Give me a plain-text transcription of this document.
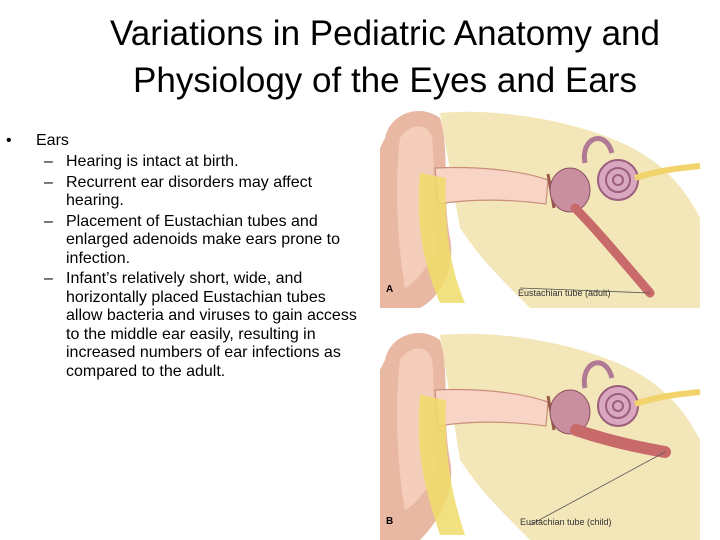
Variations in Pediatric Anatomy and
Physiology of the Eyes and Ears
•	Ears
– Hearing is intact at birth.
– Recurrent ear disorders may affect hearing.
– Placement of Eustachian tubes and enlarged adenoids make ears prone to infection.
– Infant’s relatively short, wide, and horizontally placed Eustachian tubes allow bacteria and viruses to gain access to the middle ear easily, resulting in increased numbers of ear infections as compared to the adult.
A	Eustachian tube (adult)
B	Eustachian tube (child)
